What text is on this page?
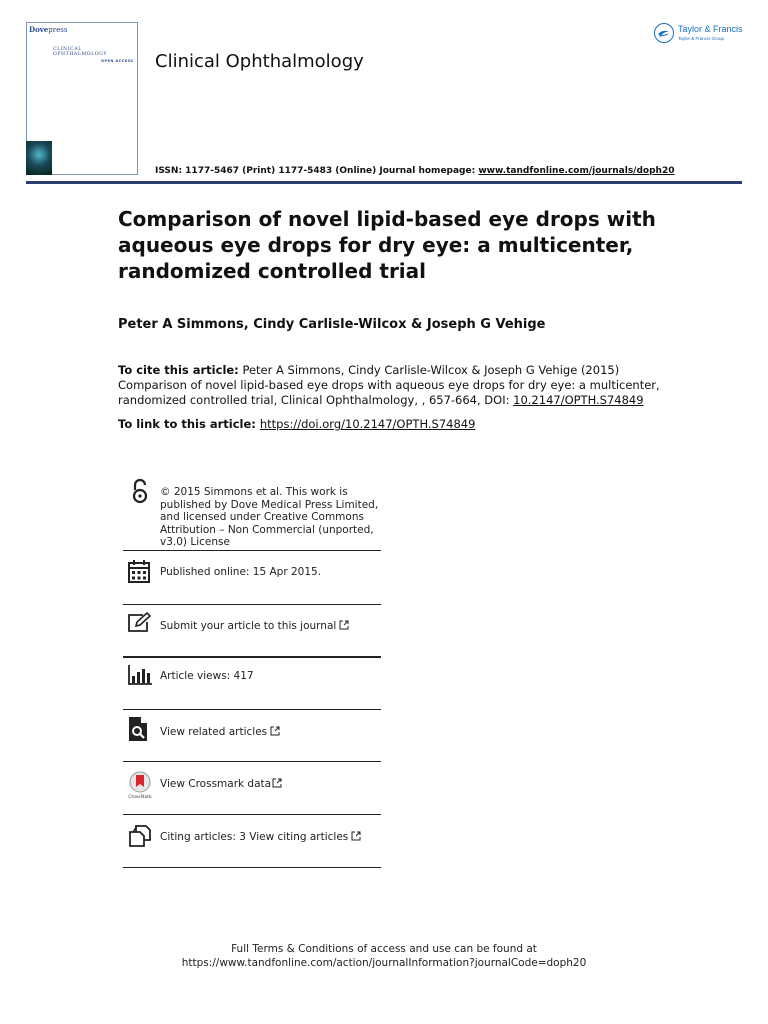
Dovepress
CLINICAL OPHTHALMOLOGY
OPEN ACCESS Clinical Ophthalmology
Taylor & Francis
Taylor & Francis Group
ISSN: 1177-5467 (Print) 1177-5483 (Online) Journal homepage: www.tandfonline.com/journals/doph20
Comparison of novel lipid-based eye drops with aqueous eye drops for dry eye: a multicenter, randomized controlled trial
Peter A Simmons, Cindy Carlisle-Wilcox & Joseph G Vehige
To cite this article: Peter A Simmons, Cindy Carlisle-Wilcox & Joseph G Vehige (2015) Comparison of novel lipid-based eye drops with aqueous eye drops for dry eye: a multicenter, randomized controlled trial, Clinical Ophthalmology, , 657-664, DOI: 10.2147/OPTH.S74849
To link to this article: https://doi.org/10.2147/OPTH.S74849
© 2015 Simmons et al. This work is published by Dove Medical Press Limited, and licensed under Creative Commons Attribution – Non Commercial (unported, v3.0) License
Published online: 15 Apr 2015.
Submit your article to this journal
Article views: 417
View related articles
CrossMark
View Crossmark data
Citing articles: 3 View citing articles
Full Terms & Conditions of access and use can be found at
https://www.tandfonline.com/action/journalInformation?journalCode=doph20
